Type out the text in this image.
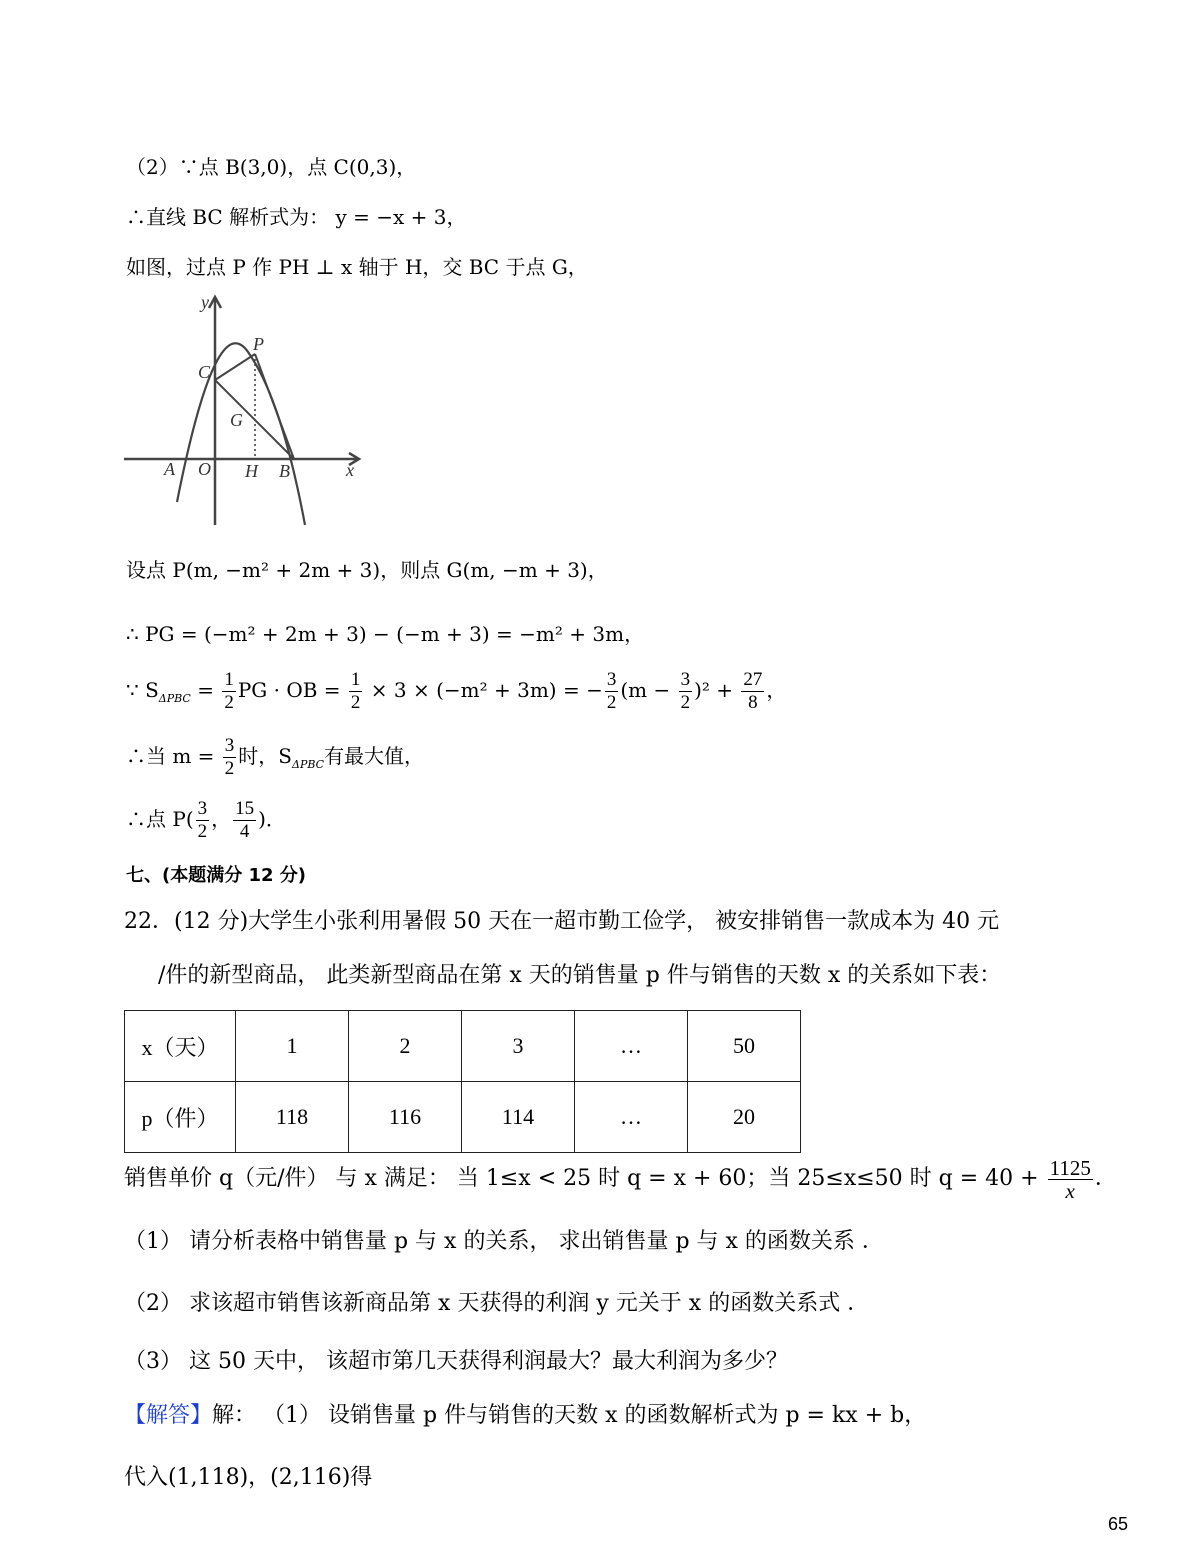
（2）∵点 B(3,0)，点 C(0,3)，
∴直线 BC 解析式为： y = −x + 3，
如图，过点 P 作 PH ⊥ x 轴于 H，交 BC 于点 G，
y
x
P
C
G
A O H B
设点 P(m, −m² + 2m + 3)，则点 G(m, −m + 3)，
∴ PG = (−m² + 2m + 3) − (−m + 3) = −m² + 3m，
∵ $S_{\Delta PBC} = \frac{1}{2}$ PG · OB = $\frac{1}{2} \times 3 \times (-m^2 + 3m)$ = − $\frac{3}{2} (m - \frac{3}{2} )^2 + \frac{27}{8}$ ，
∴当 $m = \frac{3}{2}$ 时，$S_{\Delta PBC}$有最大值，
∴点 $P( \frac{3}{2}$ ， $\frac{15}{4}$ )．
七、(本题满分 12 分)
22．(12 分)大学生小张利用暑假 50 天在一超市勤工俭学， 被安排销售一款成本为 40 元
/件的新型商品， 此类新型商品在第 x 天的销售量 p 件与销售的天数 x 的关系如下表：
x（天）	1	2	3	…	50
p（件）	118	116	114	…	20
销售单价 q（元/件） 与 x 满足： 当 1≤x < 25 时 q = x + 60；当 25≤x≤50 时 $q = 40 + \frac{1125}{x}$ ．
（1） 请分析表格中销售量 p 与 x 的关系， 求出销售量 p 与 x 的函数关系 ．
（2） 求该超市销售该新商品第 x 天获得的利润 y 元关于 x 的函数关系式 ．
（3） 这 50 天中， 该超市第几天获得利润最大？最大利润为多少？
【解答】解： （1） 设销售量 p 件与销售的天数 x 的函数解析式为 p = kx + b，
代入(1,118)，(2,116)得
65
